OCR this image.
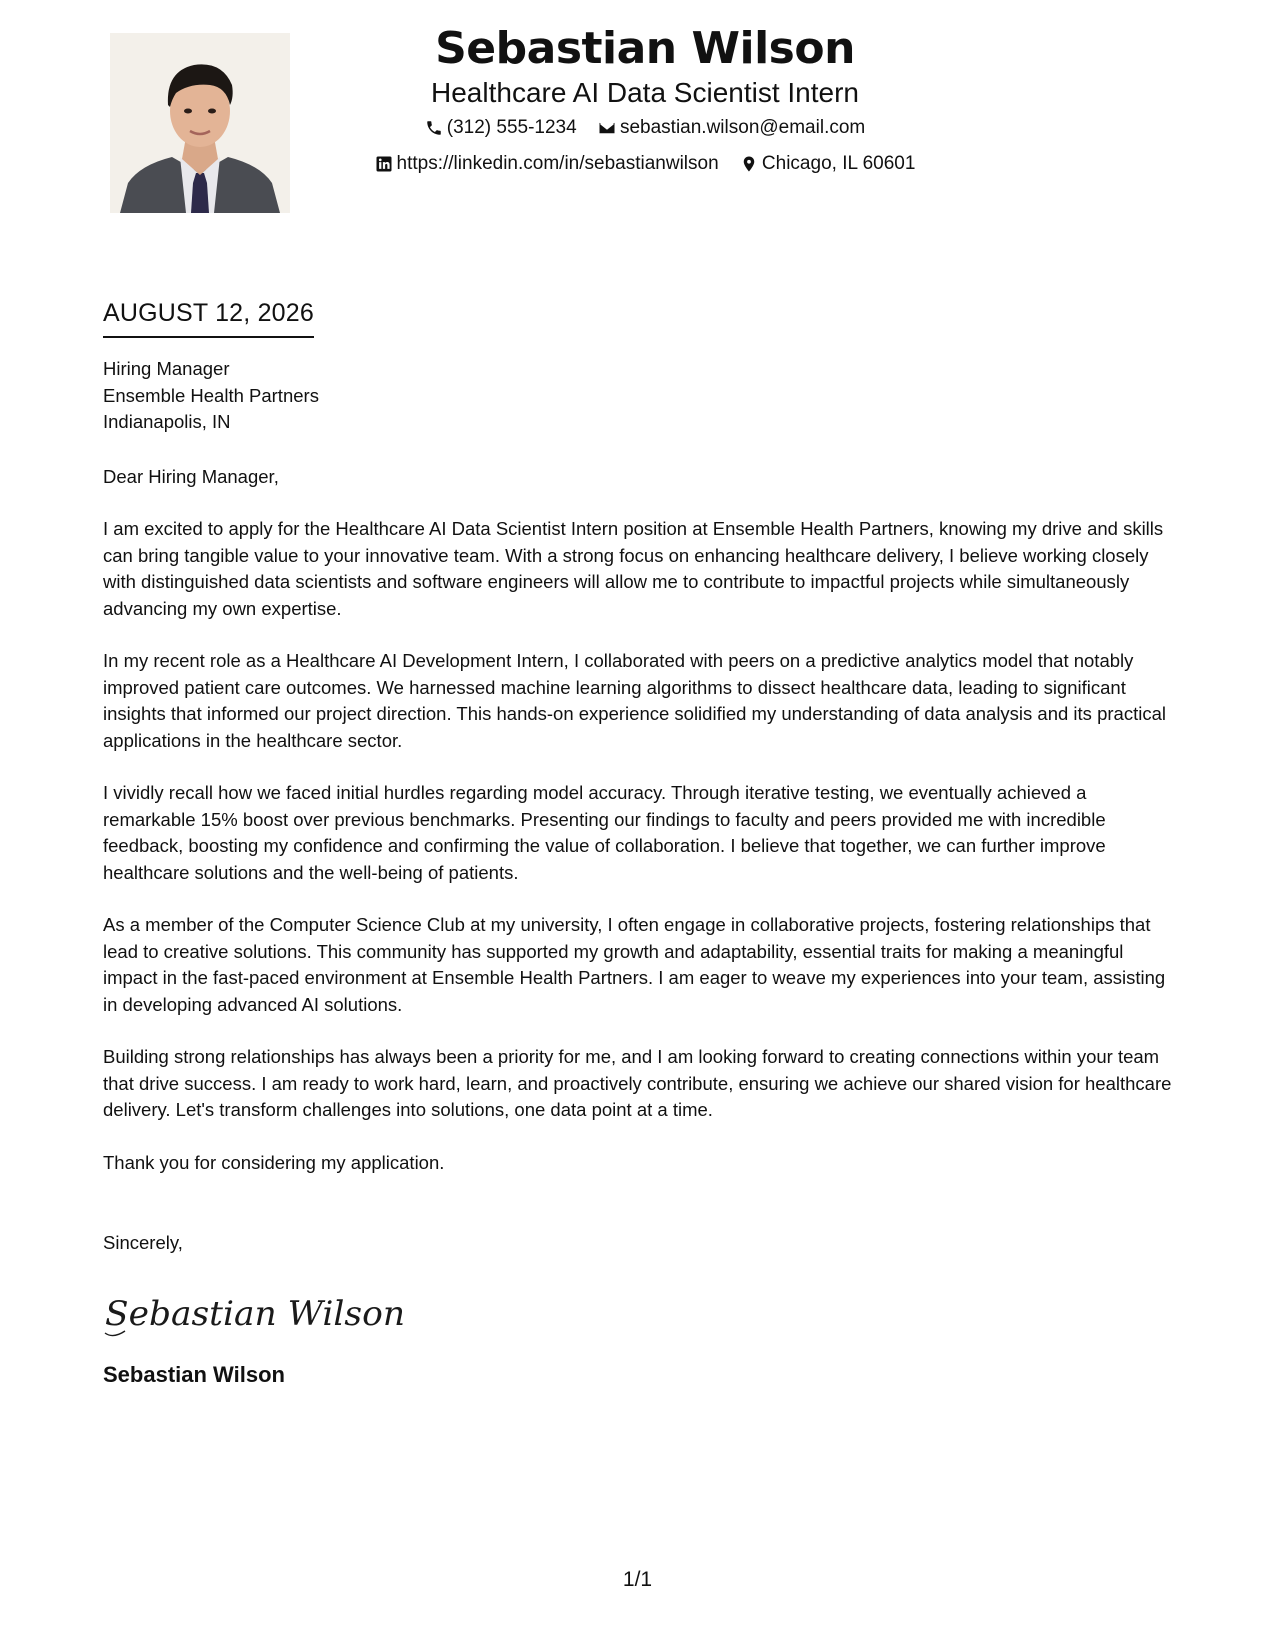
Sebastian Wilson
Healthcare AI Data Scientist Intern
(312) 555-1234
sebastian.wilson@email.com
https://linkedin.com/in/sebastianwilson
Chicago, IL 60601
AUGUST 12, 2026
Hiring Manager
Ensemble Health Partners
Indianapolis, IN
Dear Hiring Manager,
I am excited to apply for the Healthcare AI Data Scientist Intern position at Ensemble Health Partners, knowing my drive and skills can bring tangible value to your innovative team. With a strong focus on enhancing healthcare delivery, I believe working closely with distinguished data scientists and software engineers will allow me to contribute to impactful projects while simultaneously advancing my own expertise.
In my recent role as a Healthcare AI Development Intern, I collaborated with peers on a predictive analytics model that notably improved patient care outcomes. We harnessed machine learning algorithms to dissect healthcare data, leading to significant insights that informed our project direction. This hands-on experience solidified my understanding of data analysis and its practical applications in the healthcare sector.
I vividly recall how we faced initial hurdles regarding model accuracy. Through iterative testing, we eventually achieved a remarkable 15% boost over previous benchmarks. Presenting our findings to faculty and peers provided me with incredible feedback, boosting my confidence and confirming the value of collaboration. I believe that together, we can further improve healthcare solutions and the well-being of patients.
As a member of the Computer Science Club at my university, I often engage in collaborative projects, fostering relationships that lead to creative solutions. This community has supported my growth and adaptability, essential traits for making a meaningful impact in the fast-paced environment at Ensemble Health Partners. I am eager to weave my experiences into your team, assisting in developing advanced AI solutions.
Building strong relationships has always been a priority for me, and I am looking forward to creating connections within your team that drive success. I am ready to work hard, learn, and proactively contribute, ensuring we achieve our shared vision for healthcare delivery. Let's transform challenges into solutions, one data point at a time.
Thank you for considering my application.
Sincerely,
Sebastian Wilson
Sebastian Wilson
1/1
